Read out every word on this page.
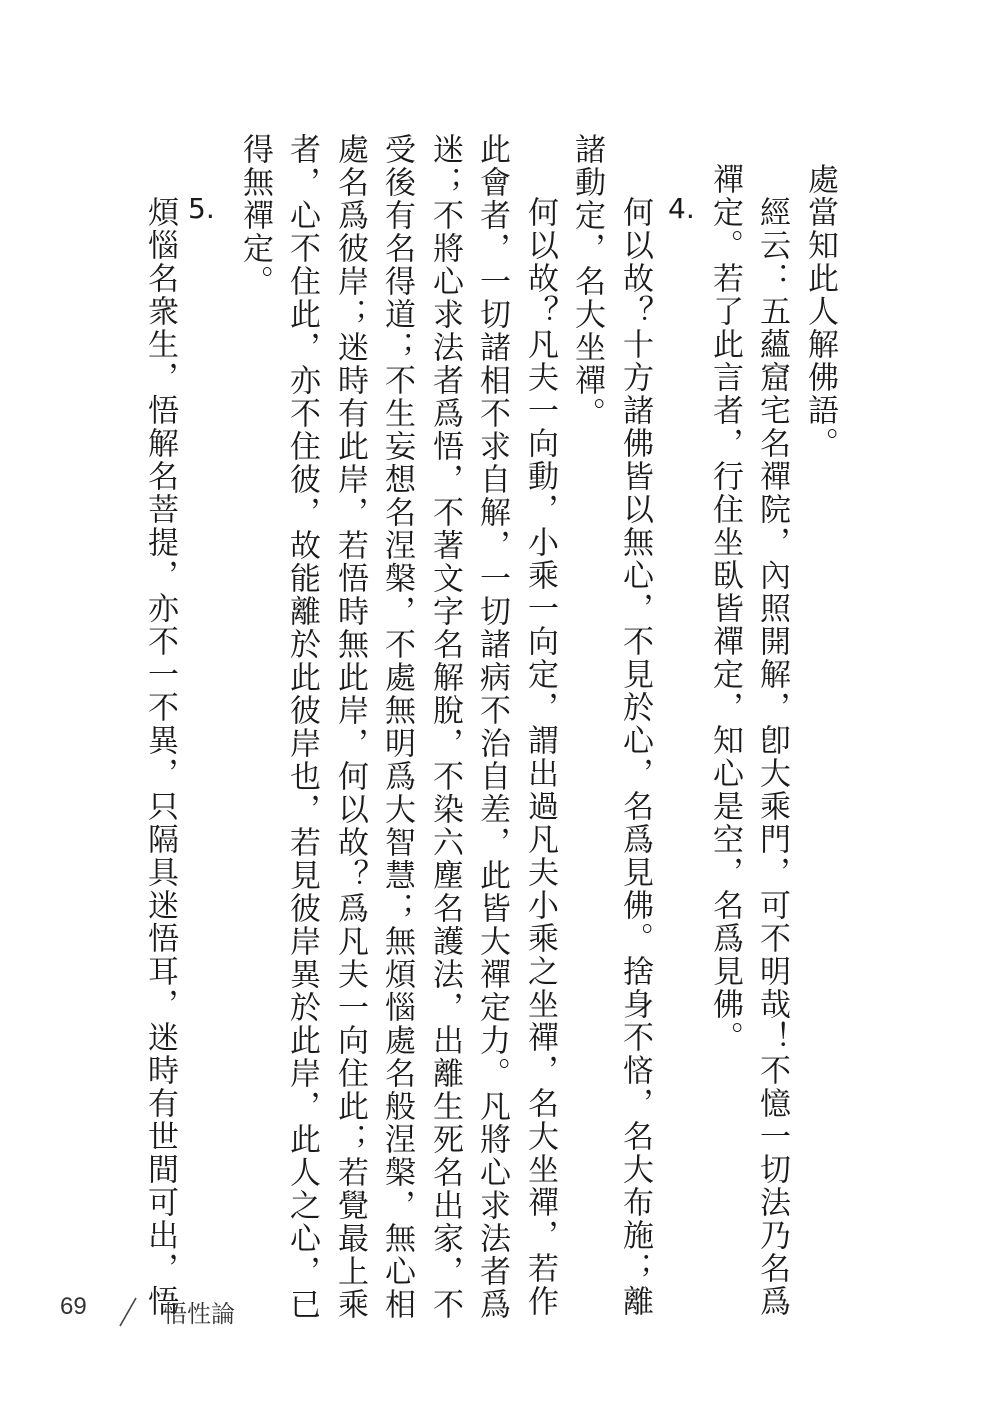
處當知此人解佛語。

經云：五蘊窟宅名禪院，內照開解，卽大乘門，可不明哉！不憶一切法乃名爲

禪定。若了此言者，行住坐臥皆禪定，知心是空，名爲見佛。

4.

何以故？十方諸佛皆以無心，不見於心，名爲見佛。捨身不悋，名大布施；離

諸動定，名大坐禪。

何以故？凡夫一向動，小乘一向定，謂出過凡夫小乘之坐禪，名大坐禪，若作

此會者，一切諸相不求自解，一切諸病不治自差，此皆大禪定力。凡將心求法者爲

迷；不將心求法者爲悟，不著文字名解脫，不染六塵名護法，出離生死名出家，不

受後有名得道；不生妄想名涅槃，不處無明爲大智慧；無煩惱處名般涅槃，無心相

處名爲彼岸；迷時有此岸，若悟時無此岸，何以故？爲凡夫一向住此；若覺最上乘

者，心不住此，亦不住彼，故能離於此彼岸也，若見彼岸異於此岸，此人之心，已

得無禪定。

5.

煩惱名衆生，悟解名菩提，亦不一不異，只隔具迷悟耳，迷時有世間可出，悟

69	悟性論
